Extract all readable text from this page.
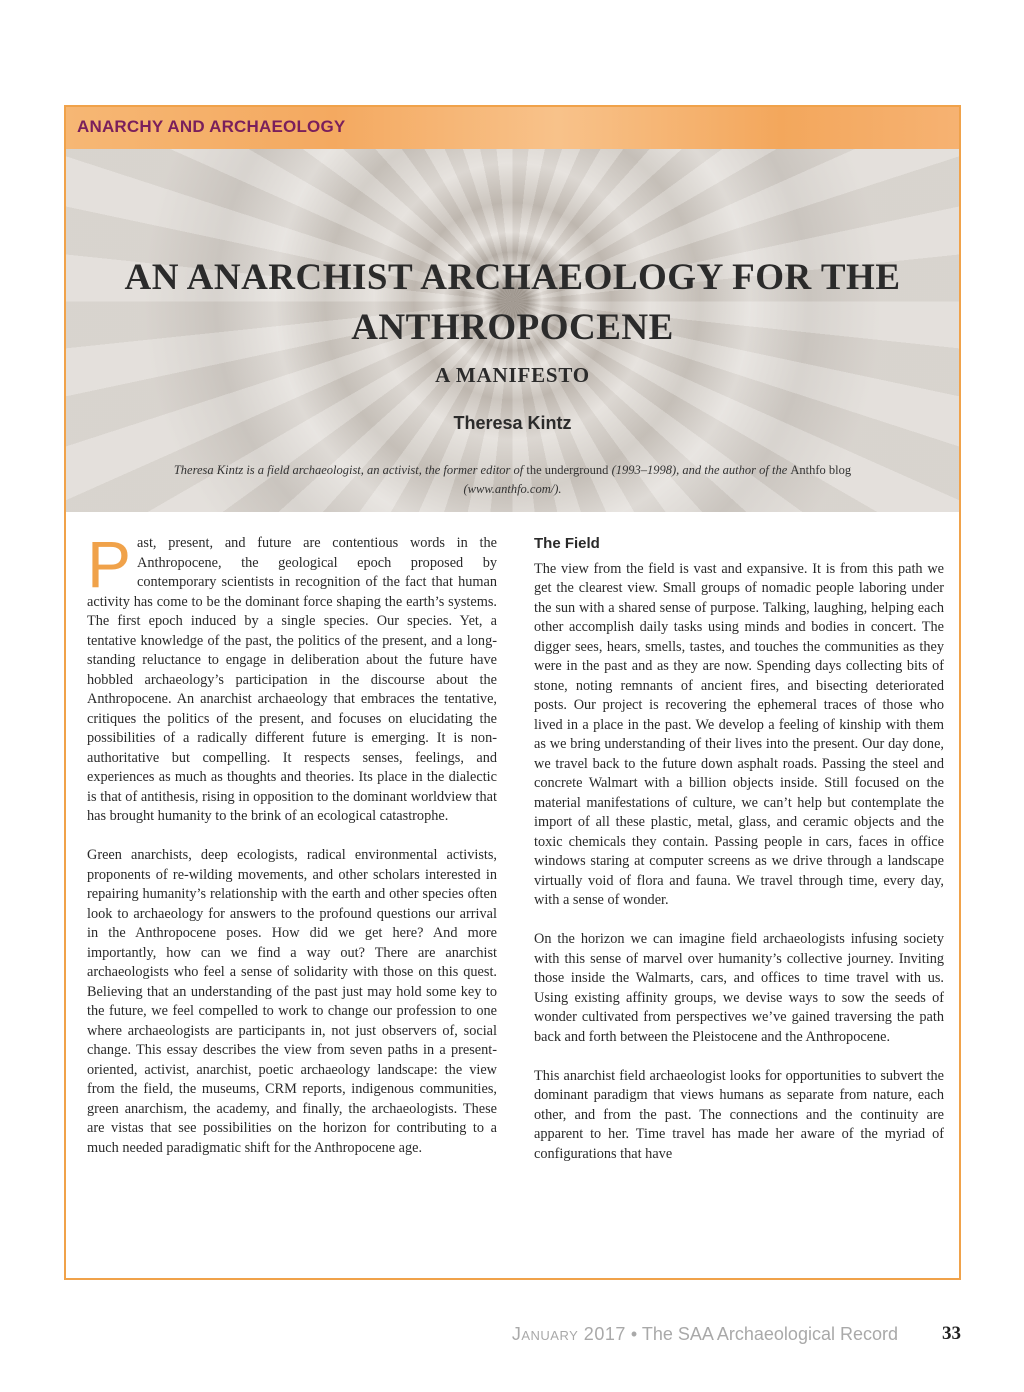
ANARCHY AND ARCHAEOLOGY
AN ANARCHIST ARCHAEOLOGY FOR THE
ANTHROPOCENE
A MANIFESTO
Theresa Kintz
Theresa Kintz is a field archaeologist, an activist, the former editor of the underground (1993–1998), and the author of the Anthfo blog
(www.anthfo.com/).

Past, present, and future are contentious words in the Anthropocene, the geological epoch proposed by contemporary scientists in recognition of the fact that human activity has come to be the dominant force shaping the earth’s systems. The first epoch induced by a single species. Our species. Yet, a tentative knowledge of the past, the politics of the present, and a long-standing reluctance to engage in deliberation about the future have hobbled archaeology’s participation in the discourse about the Anthropocene. An anarchist archaeology that embraces the tentative, critiques the politics of the present, and focuses on elucidating the possibilities of a radically different future is emerging. It is non-authoritative but compelling. It respects senses, feelings, and experiences as much as thoughts and theories. Its place in the dialectic is that of antithesis, rising in opposition to the dominant worldview that has brought humanity to the brink of an ecological catastrophe.

Green anarchists, deep ecologists, radical environmental activists, proponents of re-wilding movements, and other scholars interested in repairing humanity’s relationship with the earth and other species often look to archaeology for answers to the profound questions our arrival in the Anthropocene poses. How did we get here? And more importantly, how can we find a way out? There are anarchist archaeologists who feel a sense of solidarity with those on this quest. Believing that an understanding of the past just may hold some key to the future, we feel compelled to work to change our profession to one where archaeologists are participants in, not just observers of, social change. This essay describes the view from seven paths in a present-oriented, activist, anarchist, poetic archaeology landscape: the view from the field, the museums, CRM reports, indigenous communities, green anarchism, the academy, and finally, the archaeologists. These are vistas that see possibilities on the horizon for contributing to a much needed paradigmatic shift for the Anthropocene age.

The Field

The view from the field is vast and expansive. It is from this path we get the clearest view. Small groups of nomadic people laboring under the sun with a shared sense of purpose. Talking, laughing, helping each other accomplish daily tasks using minds and bodies in concert. The digger sees, hears, smells, tastes, and touches the communities as they were in the past and as they are now. Spending days collecting bits of stone, noting remnants of ancient fires, and bisecting deteriorated posts. Our project is recovering the ephemeral traces of those who lived in a place in the past. We develop a feeling of kinship with them as we bring understanding of their lives into the present. Our day done, we travel back to the future down asphalt roads. Passing the steel and concrete Walmart with a billion objects inside. Still focused on the material manifestations of culture, we can’t help but contemplate the import of all these plastic, metal, glass, and ceramic objects and the toxic chemicals they contain. Passing people in cars, faces in office windows staring at computer screens as we drive through a landscape virtually void of flora and fauna. We travel through time, every day, with a sense of wonder.

On the horizon we can imagine field archaeologists infusing society with this sense of marvel over humanity’s collective journey. Inviting those inside the Walmarts, cars, and offices to time travel with us. Using existing affinity groups, we devise ways to sow the seeds of wonder cultivated from perspectives we’ve gained traversing the path back and forth between the Pleistocene and the Anthropocene.

This anarchist field archaeologist looks for opportunities to subvert the dominant paradigm that views humans as separate from nature, each other, and from the past. The connections and the continuity are apparent to her. Time travel has made her aware of the myriad of configurations that have

January 2017 • The SAA Archaeological Record	33
